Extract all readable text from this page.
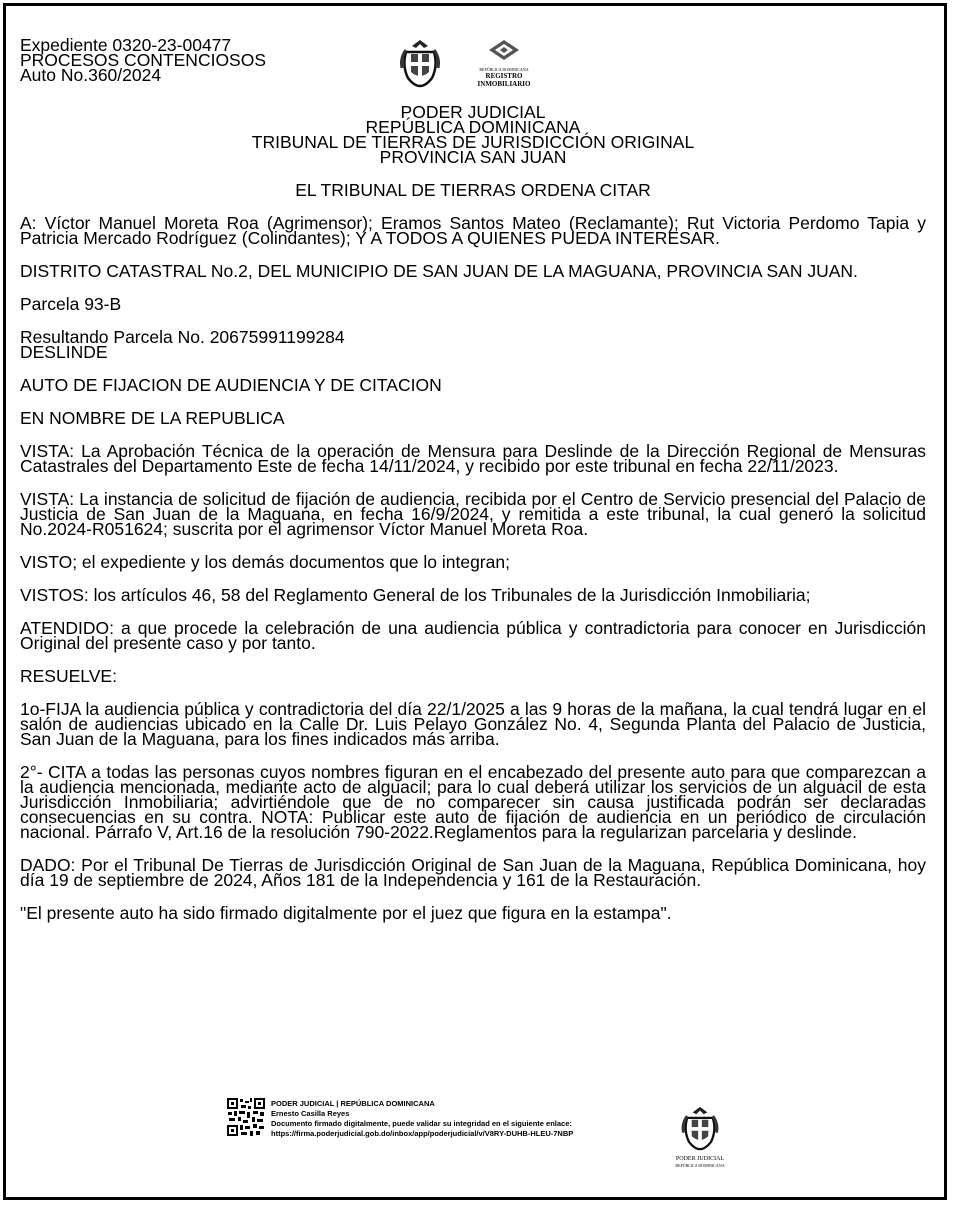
REPÚBLICA DOMINICANA
REGISTRO
INMOBILIARIO
Expediente 0320-23-00477
PROCESOS CONTENCIOSOS
Auto No.360/2024
PODER JUDICIAL
REPÚBLICA DOMINICANA
TRIBUNAL DE TIERRAS DE JURISDICCIÓN ORIGINAL
PROVINCIA SAN JUAN
EL TRIBUNAL DE TIERRAS ORDENA CITAR

A: Víctor Manuel Moreta Roa (Agrimensor); Eramos Santos Mateo (Reclamante); Rut Victoria Perdomo Tapia y Patricia Mercado Rodríguez (Colindantes); Y A TODOS A QUIENES PUEDA INTERESAR.

DISTRITO CATASTRAL No.2, DEL MUNICIPIO DE SAN JUAN DE LA MAGUANA, PROVINCIA SAN JUAN.

Parcela 93-B

Resultando Parcela No. 20675991199284
DESLINDE

AUTO DE FIJACION DE AUDIENCIA Y DE CITACION

EN NOMBRE DE LA REPUBLICA

VISTA: La Aprobación Técnica de la operación de Mensura para Deslinde de la Dirección Regional de Mensuras Catastrales del Departamento Este de fecha 14/11/2024, y recibido por este tribunal en fecha 22/11/2023.

VISTA: La instancia de solicitud de fijación de audiencia, recibida por el Centro de Servicio presencial del Palacio de Justicia de San Juan de la Maguana, en fecha 16/9/2024, y remitida a este tribunal, la cual generó la solicitud No.2024-R051624; suscrita por el agrimensor Víctor Manuel Moreta Roa.

VISTO; el expediente y los demás documentos que lo integran;

VISTOS: los artículos 46, 58 del Reglamento General de los Tribunales de la Jurisdicción Inmobiliaria;

ATENDIDO: a que procede la celebración de una audiencia pública y contradictoria para conocer en Jurisdicción Original del presente caso y por tanto.

RESUELVE:

1o-FIJA la audiencia pública y contradictoria del día 22/1/2025 a las 9 horas de la mañana, la cual tendrá lugar en el salón de audiencias ubicado en la Calle Dr. Luis Pelayo González No. 4, Segunda Planta del Palacio de Justicia, San Juan de la Maguana, para los fines indicados más arriba.

2°- CITA a todas las personas cuyos nombres figuran en el encabezado del presente auto para que comparezcan a la audiencia mencionada, mediante acto de alguacil; para lo cual deberá utilizar los servicios de un alguacil de esta Jurisdicción Inmobiliaria; advirtiéndole que de no comparecer sin causa justificada podrán ser declaradas consecuencias en su contra. NOTA: Publicar este auto de fijación de audiencia en un periódico de circulación nacional. Párrafo V, Art.16 de la resolución 790-2022.Reglamentos para la regularizan parcelaria y deslinde.

DADO: Por el Tribunal De Tierras de Jurisdicción Original de San Juan de la Maguana, República Dominicana, hoy día 19 de septiembre de 2024, Años 181 de la Independencia y 161 de la Restauración.

"El presente auto ha sido firmado digitalmente por el juez que figura en la estampa".

PODER JUDICIAL | REPÚBLICA DOMINICANA
Ernesto Casilla Reyes
Documento firmado digitalmente, puede validar su integridad en el siguiente enlace:
https://firma.poderjudicial.gob.do/inbox/app/poderjudicial/v/V8RY-DUHB-HLEU-7NBP
PODER JUDICIAL
REPÚBLICA DOMINICANA
